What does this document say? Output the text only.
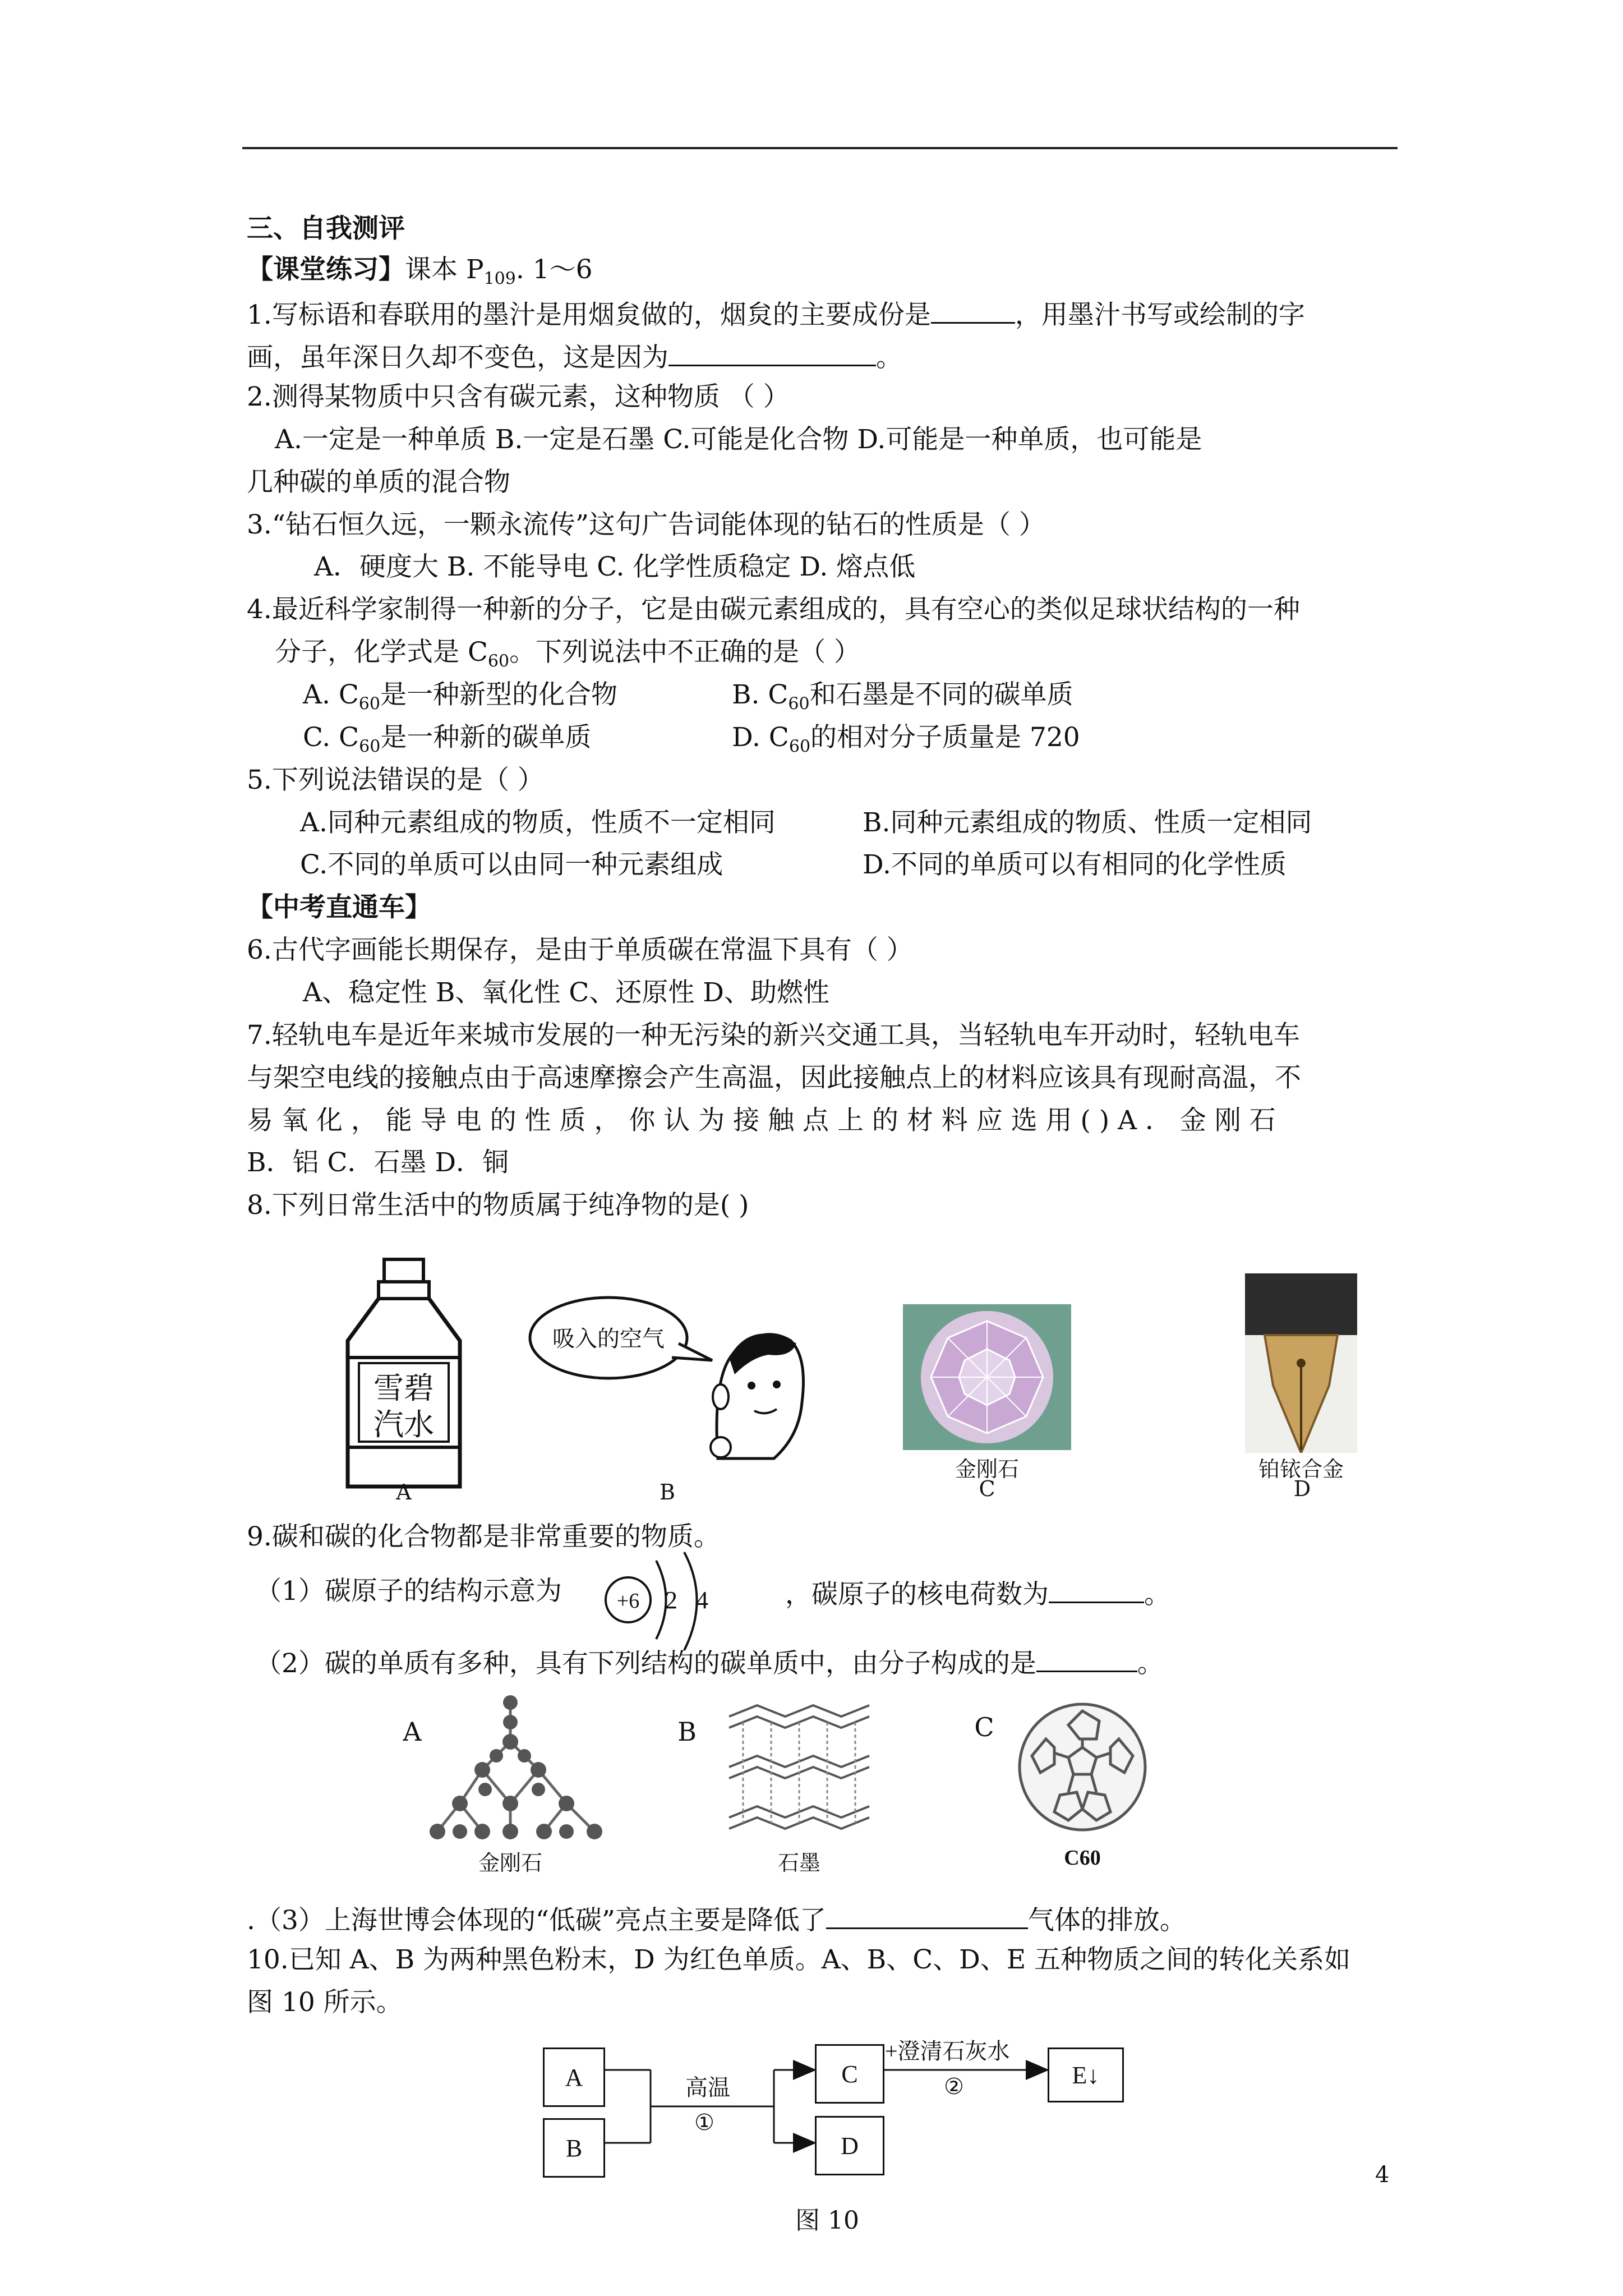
三、自我测评
【课堂练习】课本 $P_{109}$. 1～6
1.写标语和春联用的墨汁是用烟炱做的，烟炱的主要成份是	，用墨汁书写或绘制的字
画，虽年深日久却不变色，这是因为	。
2.测得某物质中只含有碳元素，这种物质 （ ）
A.一定是一种单质 B.一定是石墨 C.可能是化合物 D.可能是一种单质，也可能是
几种碳的单质的混合物
3.“钻石恒久远，一颗永流传”这句广告词能体现的钻石的性质是（ ）
A．硬度大 B. 不能导电 C. 化学性质稳定 D. 熔点低
4.最近科学家制得一种新的分子，它是由碳元素组成的，具有空心的类似足球状结构的一种
分子，化学式是 $C_{60}$。下列说法中不正确的是（ ）
A. $C_{60}$是一种新型的化合物	B. $C_{60}$和石墨是不同的碳单质
C. $C_{60}$是一种新的碳单质	D. $C_{60}$的相对分子质量是 720
5.下列说法错误的是（ ）
A.同种元素组成的物质，性质不一定相同	B.同种元素组成的物质、性质一定相同
C.不同的单质可以由同一种元素组成	D.不同的单质可以有相同的化学性质
【中考直通车】
6.古代字画能长期保存，是由于单质碳在常温下具有（ ）
A、稳定性 B、氧化性 C、还原性 D、助燃性
7.轻轨电车是近年来城市发展的一种无污染的新兴交通工具，当轻轨电车开动时，轻轨电车
与架空电线的接触点由于高速摩擦会产生高温，因此接触点上的材料应该具有现耐高温，不
易 氧 化 ， 能 导 电 的 性 质 ， 你 认 为 接 触 点 上 的 材 料 应 选 用 ( ) A ． 金 刚 石
B．铝 C．石墨 D．铜
8.下列日常生活中的物质属于纯净物的是( )
雪碧
汽水
吸入的空气
金刚石	铂铱合金
A	B	C	D
9.碳和碳的化合物都是非常重要的物质。
（1）碳原子的结构示意为	+6 2 4	，碳原子的核电荷数为	。
（2）碳的单质有多种，具有下列结构的碳单质中，由分子构成的是	。
A
金刚石
B
石墨
C
C60
.（3）上海世博会体现的“低碳”亮点主要是降低了	气体的排放。
10.已知 A、B 为两种黑色粉末，D 为红色单质。A、B、C、D、E 五种物质之间的转化关系如
图 10 所示。
A
B
C
D
E↓
高温
①
+澄清石灰水
②
图 10
4
